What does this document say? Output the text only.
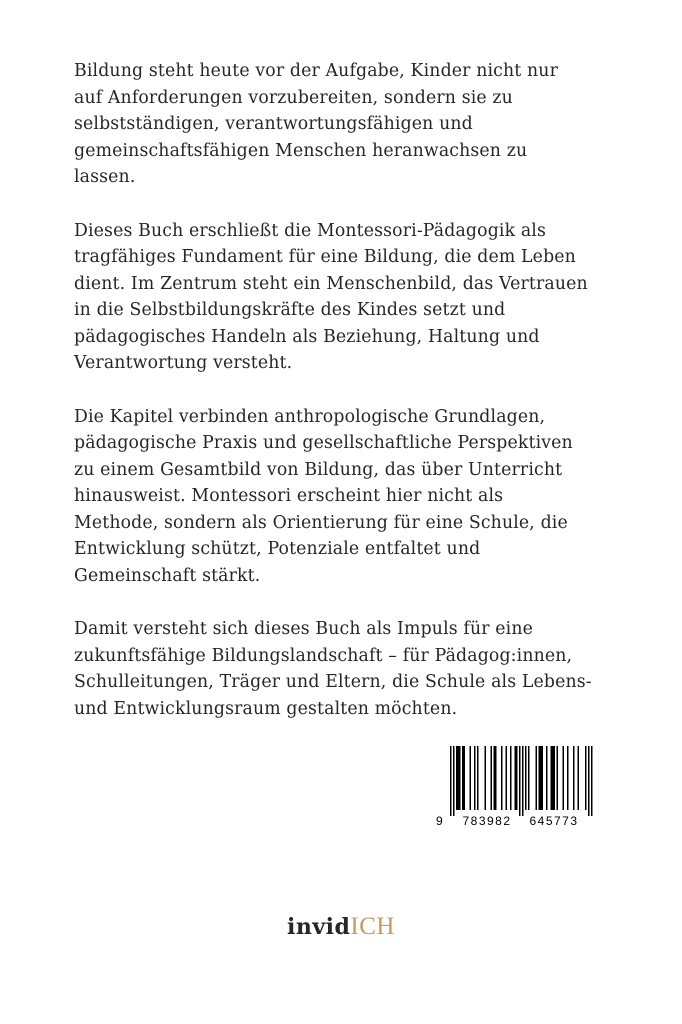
Bildung steht heute vor der Aufgabe, Kinder nicht nur
auf Anforderungen vorzubereiten, sondern sie zu
selbstständigen, verantwortungsfähigen und
gemeinschaftsfähigen Menschen heranwachsen zu
lassen.

Dieses Buch erschließt die Montessori-Pädagogik als
tragfähiges Fundament für eine Bildung, die dem Leben
dient. Im Zentrum steht ein Menschenbild, das Vertrauen
in die Selbstbildungskräfte des Kindes setzt und
pädagogisches Handeln als Beziehung, Haltung und
Verantwortung versteht.

Die Kapitel verbinden anthropologische Grundlagen,
pädagogische Praxis und gesellschaftliche Perspektiven
zu einem Gesamtbild von Bildung, das über Unterricht
hinausweist. Montessori erscheint hier nicht als
Methode, sondern als Orientierung für eine Schule, die
Entwicklung schützt, Potenziale entfaltet und
Gemeinschaft stärkt.

Damit versteht sich dieses Buch als Impuls für eine
zukunftsfähige Bildungslandschaft – für Pädagog:innen,
Schulleitungen, Träger und Eltern, die Schule als Lebens-
und Entwicklungsraum gestalten möchten.

9 783982 645773
invidICH
